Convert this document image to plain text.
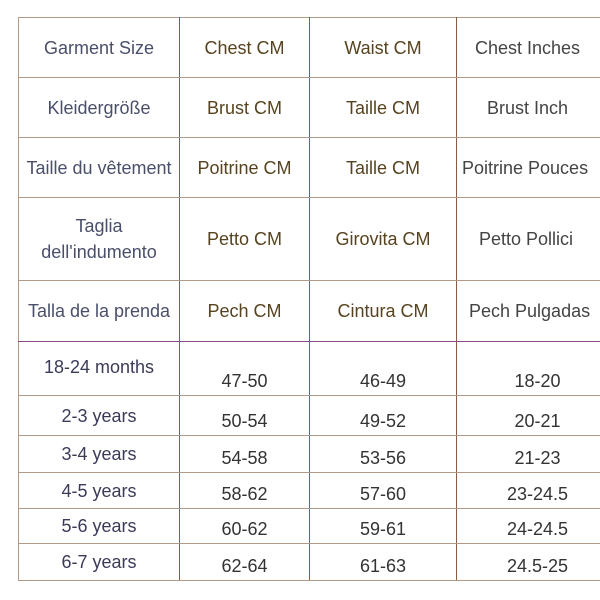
Garment Size	Chest CM	Waist CM	Chest Inches
Kleidergröße	Brust CM	Taille CM	Brust Inch
Taille du vêtement	Poitrine CM	Taille CM	Poitrine Pouces
Taglia dell'indumento	Petto CM	Girovita CM	Petto Pollici
Talla de la prenda	Pech CM	Cintura CM	Pech Pulgadas
18-24 months	47-50	46-49	18-20
2-3 years	50-54	49-52	20-21
3-4 years	54-58	53-56	21-23
4-5 years	58-62	57-60	23-24.5
5-6 years	60-62	59-61	24-24.5
6-7 years	62-64	61-63	24.5-25
